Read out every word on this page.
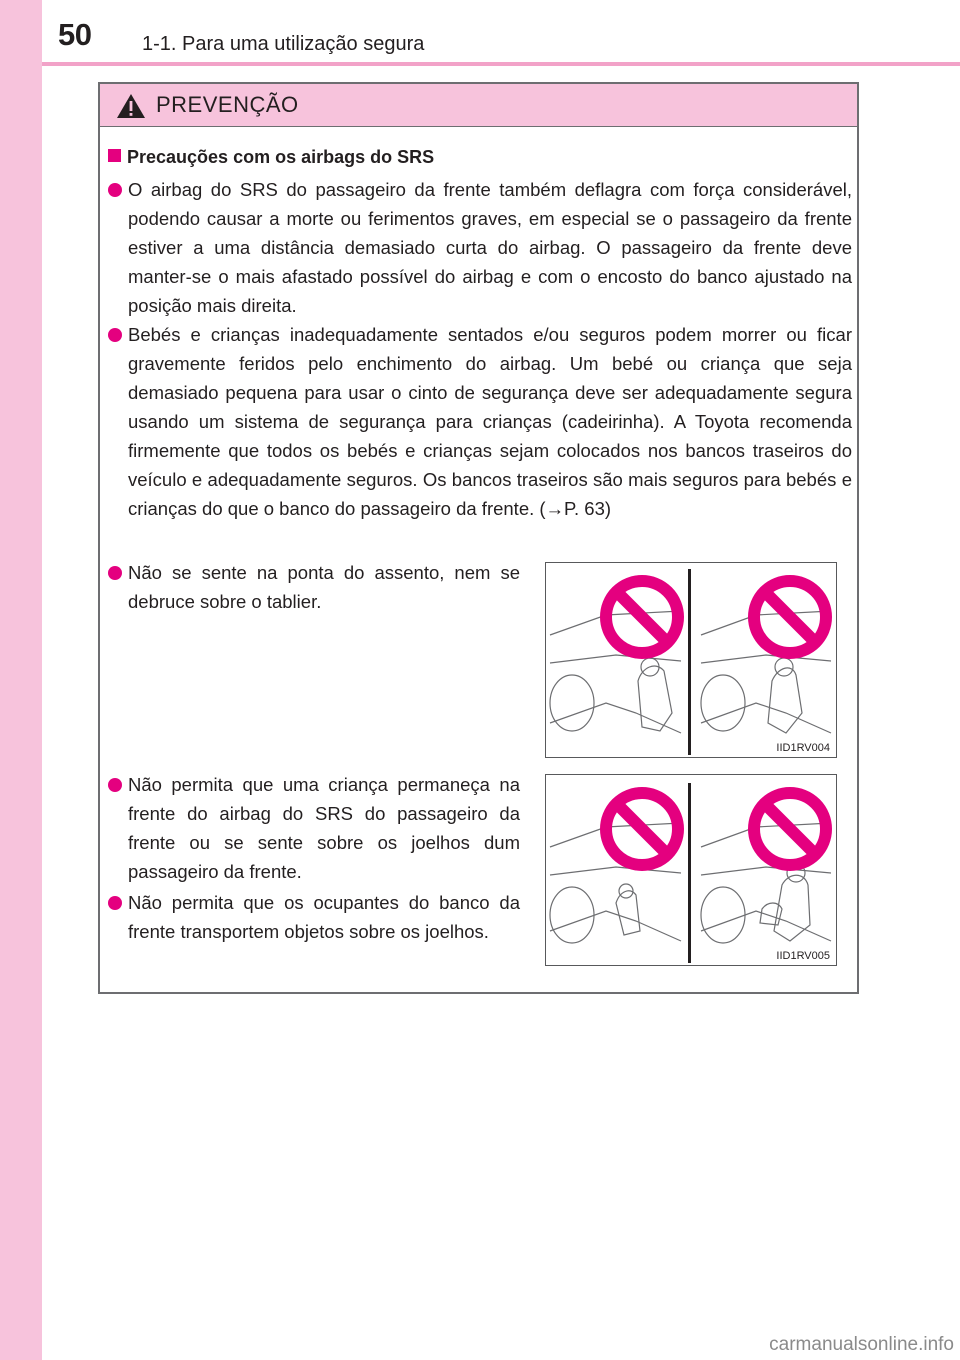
50	1-1. Para uma utilização segura
PREVENÇÃO
Precauções com os airbags do SRS
O airbag do SRS do passageiro da frente também deflagra com força considerável, podendo causar a morte ou ferimentos graves, em especial se o passageiro da frente estiver a uma distância demasiado curta do airbag. O passageiro da frente deve manter-se o mais afastado possível do airbag e com o encosto do banco ajustado na posição mais direita.
Bebés e crianças inadequadamente sentados e/ou seguros podem morrer ou ficar gravemente feridos pelo enchimento do airbag. Um bebé ou criança que seja demasiado pequena para usar o cinto de segurança deve ser adequadamente segura usando um sistema de segurança para crianças (cadeirinha). A Toyota recomenda firmemente que todos os bebés e crianças sejam colocados nos bancos traseiros do veículo e adequadamente seguros. Os bancos traseiros são mais seguros para bebés e crianças do que o banco do passageiro da frente. (→P. 63)
Não se sente na ponta do assento, nem se debruce sobre o tablier.
Não permita que uma criança permaneça na frente do airbag do SRS do passageiro da frente ou se sente sobre os joelhos dum passageiro da frente.
Não permita que os ocupantes do banco da frente transportem objetos sobre os joelhos.
IID1RV004
IID1RV005
carmanualsonline.info
